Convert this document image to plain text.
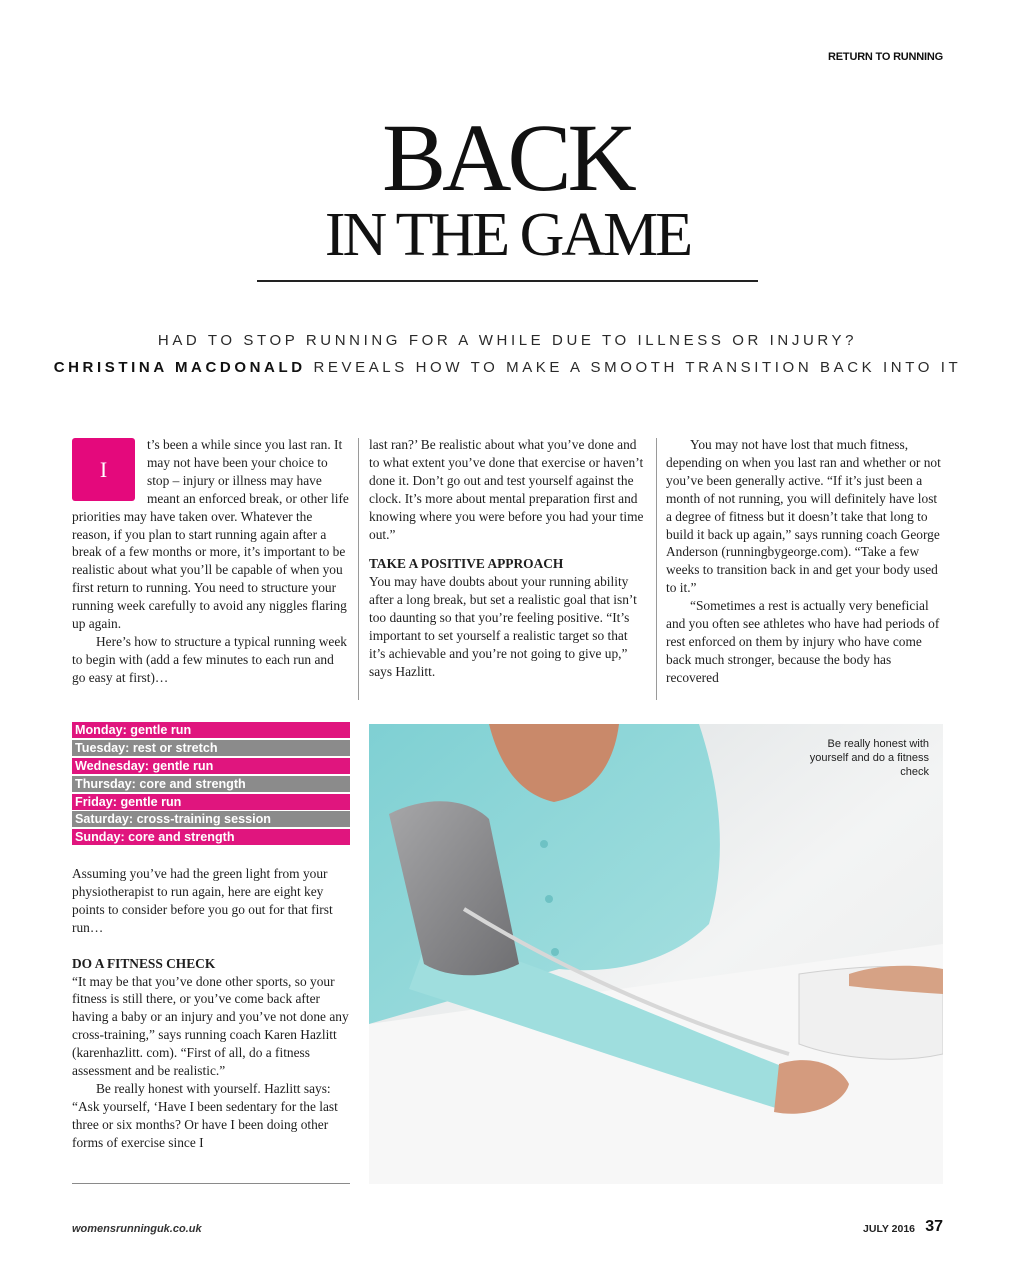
RETURN TO RUNNING
BACK
IN THE GAME
HAD TO STOP RUNNING FOR A WHILE DUE TO ILLNESS OR INJURY?
CHRISTINA MACDONALD REVEALS HOW TO MAKE A SMOOTH TRANSITION BACK INTO IT
I

t’s been a while since you last ran. It may not have been your choice to stop – injury or illness may have meant an enforced break, or other life priorities may have taken over. Whatever the reason, if you plan to start running again after a break of a few months or more, it’s important to be realistic about what you’ll be capable of when you first return to running. You need to structure your running week carefully to avoid any niggles flaring up again.

Here’s how to structure a typical running week to begin with (add a few minutes to each run and go easy at first)…

Monday: gentle run
Tuesday: rest or stretch
Wednesday: gentle run
Thursday: core and strength
Friday: gentle run
Saturday: cross-training session
Sunday: core and strength

Assuming you’ve had the green light from your physiotherapist to run again, here are eight key points to consider before you go out for that first run…

DO A FITNESS CHECK

“It may be that you’ve done other sports, so your fitness is still there, or you’ve come back after having a baby or an injury and you’ve not done any cross-training,” says running coach Karen Hazlitt (karenhazlitt. com). “First of all, do a fitness assessment and be realistic.”

Be really honest with yourself. Hazlitt says: “Ask yourself, ‘Have I been sedentary for the last three or six months? Or have I been doing other forms of exercise since I

last ran?’ Be realistic about what you’ve done and to what extent you’ve done that exercise or haven’t done it. Don’t go out and test yourself against the clock. It’s more about mental preparation first and knowing where you were before you had your time out.”

TAKE A POSITIVE APPROACH

You may have doubts about your running ability after a long break, but set a realistic goal that isn’t too daunting so that you’re feeling positive. “It’s important to set yourself a realistic target so that it’s achievable and you’re not going to give up,” says Hazlitt.

You may not have lost that much fitness, depending on when you last ran and whether or not you’ve been generally active. “If it’s just been a month of not running, you will definitely have lost a degree of fitness but it doesn’t take that long to build it back up again,” says running coach George Anderson (runningbygeorge.com). “Take a few weeks to transition back in and get your body used to it.”

“Sometimes a rest is actually very beneficial and you often see athletes who have had periods of rest enforced on them by injury who have come back much stronger, because the body has recovered

Be really honest with yourself and do a fitness check
womensrunninguk.co.uk	JULY 2016 37
